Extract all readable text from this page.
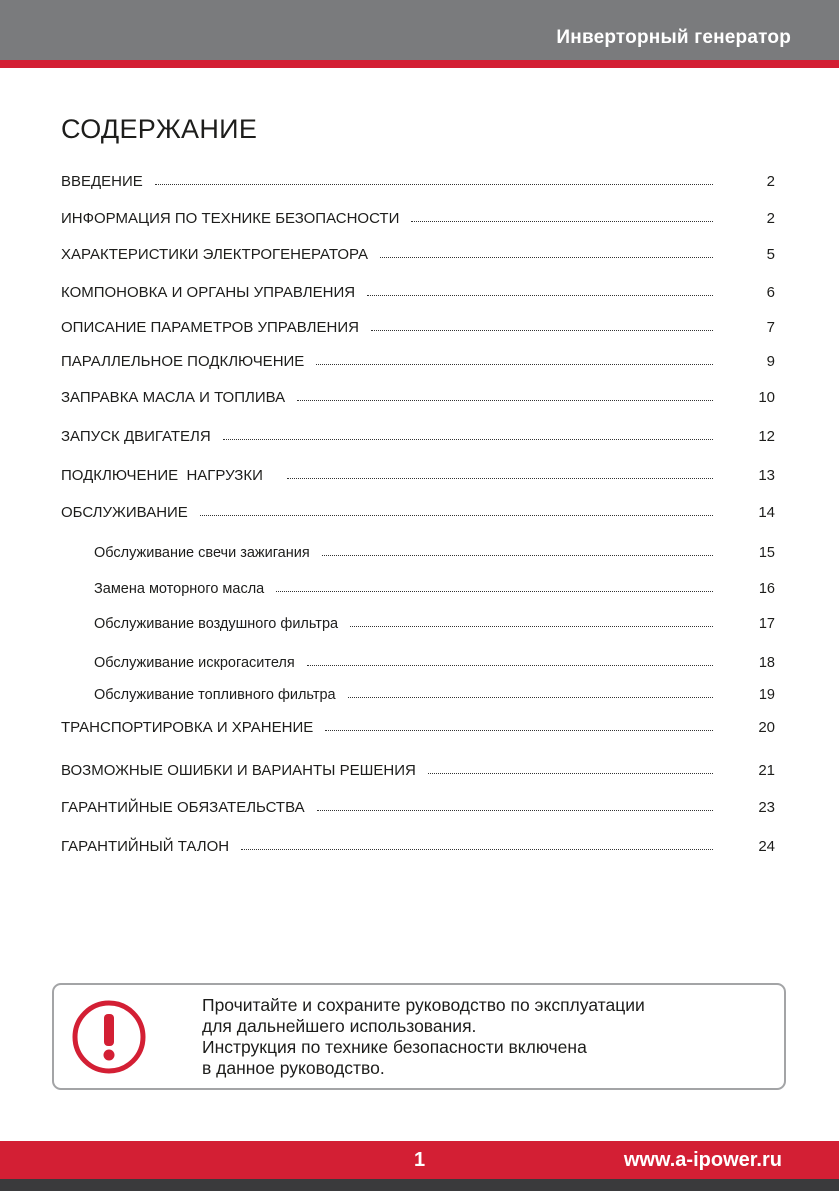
Инверторный генератор
СОДЕРЖАНИЕ
ВВЕДЕНИЕ	2
ИНФОРМАЦИЯ ПО ТЕХНИКЕ БЕЗОПАСНОСТИ	2
ХАРАКТЕРИСТИКИ ЭЛЕКТРОГЕНЕРАТОРА	5
КОМПОНОВКА И ОРГАНЫ УПРАВЛЕНИЯ	6
ОПИСАНИЕ ПАРАМЕТРОВ УПРАВЛЕНИЯ	7
ПАРАЛЛЕЛЬНОЕ ПОДКЛЮЧЕНИЕ	9
ЗАПРАВКА МАСЛА И ТОПЛИВА	10
ЗАПУСК ДВИГАТЕЛЯ	12
ПОДКЛЮЧЕНИЕ  НАГРУЗКИ	13
ОБСЛУЖИВАНИЕ	14
Обслуживание свечи зажигания	15
Замена моторного масла	16
Обслуживание воздушного фильтра	17
Обслуживание искрогасителя	18
Обслуживание топливного фильтра	19
ТРАНСПОРТИРОВКА И ХРАНЕНИЕ	20
ВОЗМОЖНЫЕ ОШИБКИ И ВАРИАНТЫ РЕШЕНИЯ	21
ГАРАНТИЙНЫЕ ОБЯЗАТЕЛЬСТВА	23
ГАРАНТИЙНЫЙ ТАЛОН	24
Прочитайте и сохраните руководство по эксплуатации
для дальнейшего использования.
Инструкция по технике безопасности включена
в данное руководство.
1	www.a-ipower.ru
